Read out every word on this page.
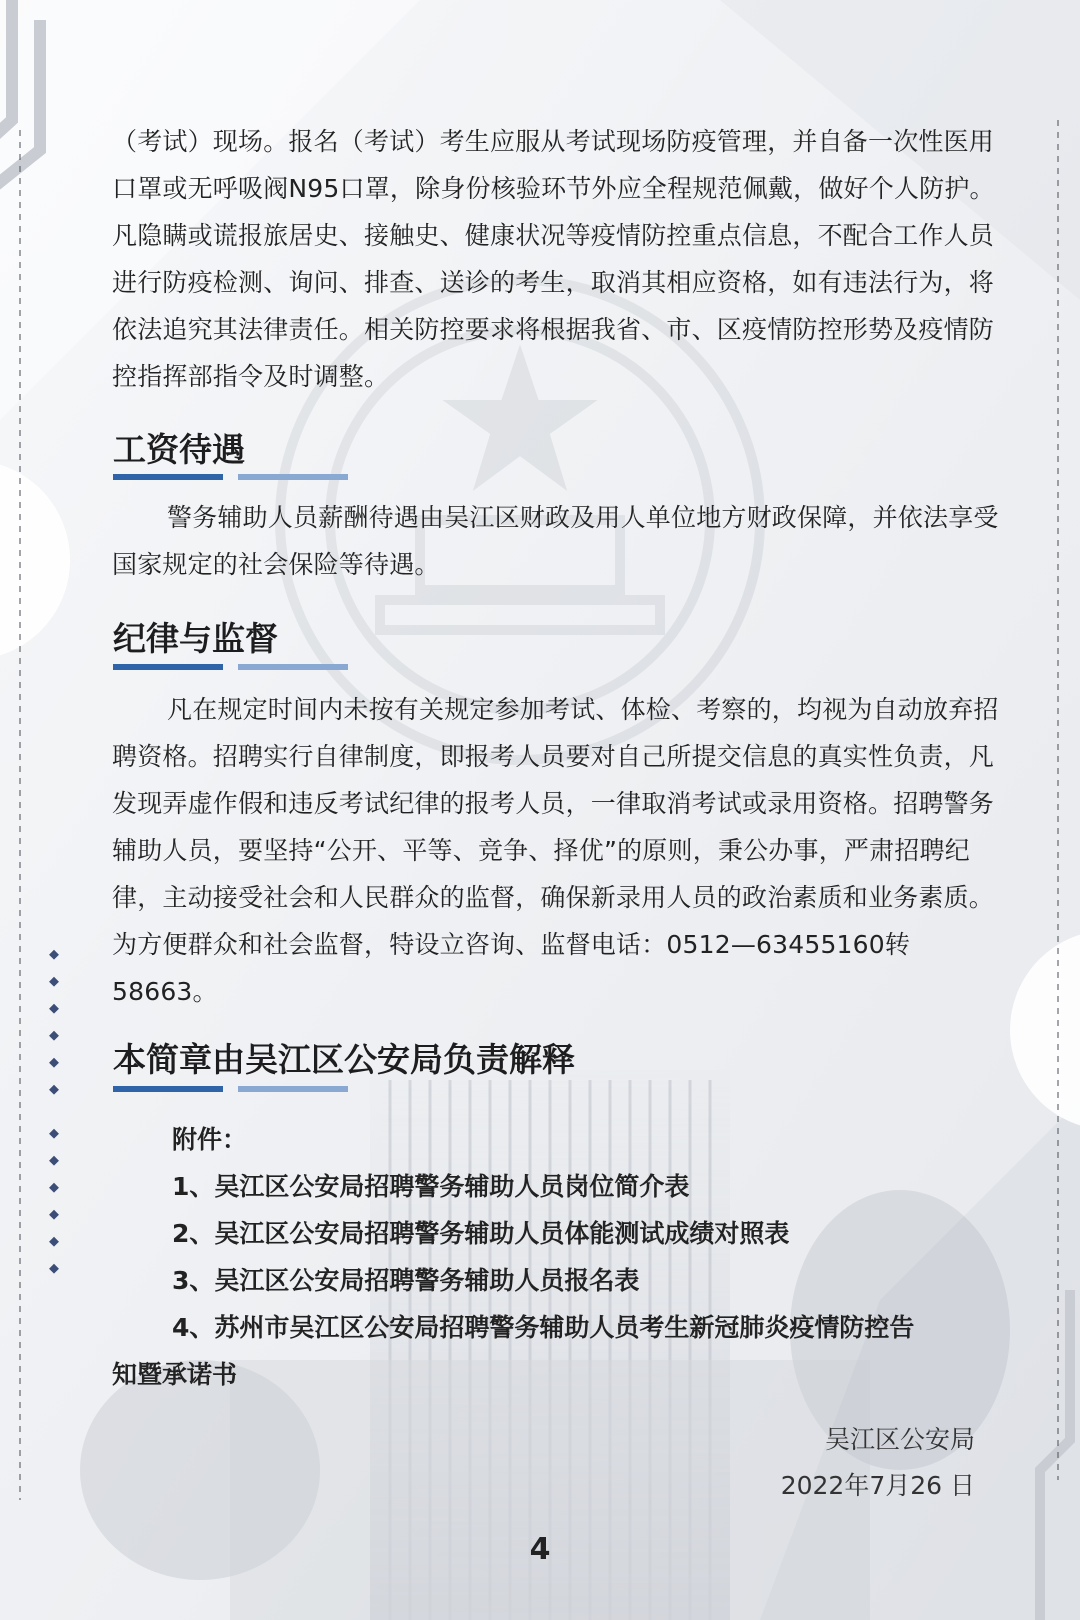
（考试）现场。报名（考试）考生应服从考试现场防疫管理，并自备一次性医用口罩或无呼吸阀N95口罩，除身份核验环节外应全程规范佩戴，做好个人防护。凡隐瞒或谎报旅居史、接触史、健康状况等疫情防控重点信息，不配合工作人员进行防疫检测、询问、排查、送诊的考生，取消其相应资格，如有违法行为，将依法追究其法律责任。相关防控要求将根据我省、市、区疫情防控形势及疫情防控指挥部指令及时调整。

工资待遇

警务辅助人员薪酬待遇由吴江区财政及用人单位地方财政保障，并依法享受国家规定的社会保险等待遇。

纪律与监督

凡在规定时间内未按有关规定参加考试、体检、考察的，均视为自动放弃招聘资格。招聘实行自律制度，即报考人员要对自己所提交信息的真实性负责，凡发现弄虚作假和违反考试纪律的报考人员，一律取消考试或录用资格。招聘警务辅助人员，要坚持“公开、平等、竞争、择优”的原则，秉公办事，严肃招聘纪律，主动接受社会和人民群众的监督，确保新录用人员的政治素质和业务素质。为方便群众和社会监督，特设立咨询、监督电话：0512—63455160转58663。

本简章由吴江区公安局负责解释
附件：
1、吴江区公安局招聘警务辅助人员岗位简介表
2、吴江区公安局招聘警务辅助人员体能测试成绩对照表
3、吴江区公安局招聘警务辅助人员报名表
4、苏州市吴江区公安局招聘警务辅助人员考生新冠肺炎疫情防控告
知暨承诺书
吴江区公安局
2022年7月26 日
4
